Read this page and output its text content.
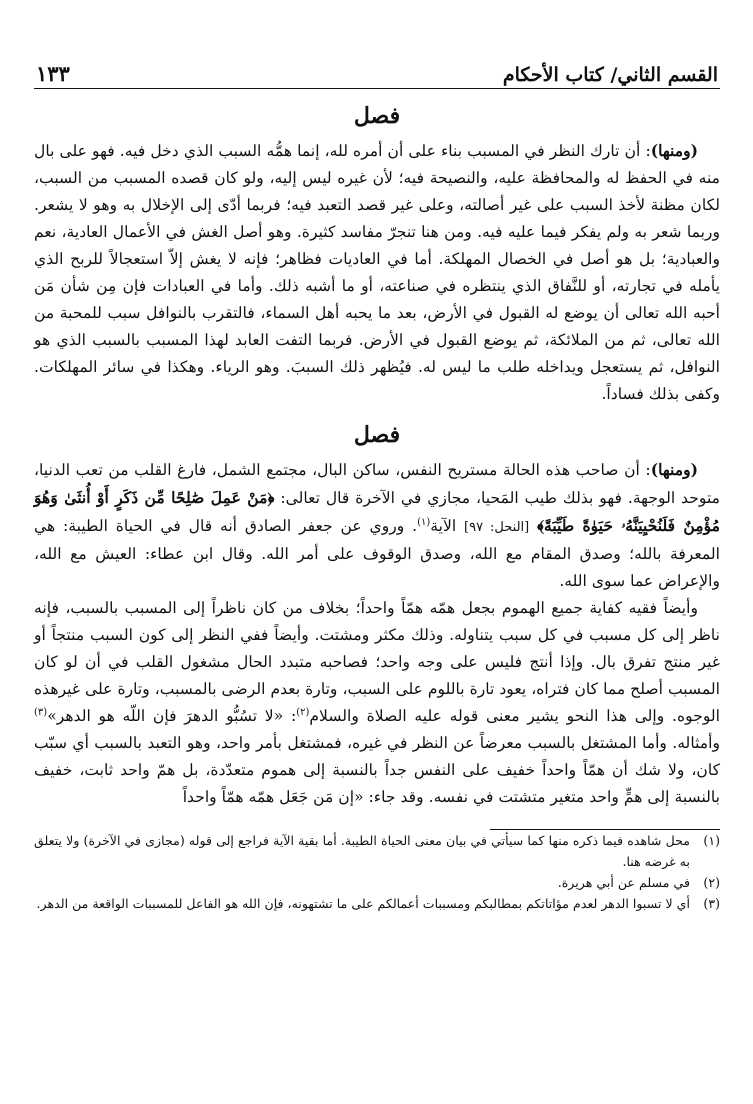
القسم الثاني/ كتاب الأحكام
١٣٣
فصل

(ومنها): أن تارك النظر في المسبب بناء على أن أمره لله، إنما همُّه السبب الذي دخل فيه. فهو على بال منه في الحفظ له والمحافظة عليه، والنصيحة فيه؛ لأن غيره ليس إليه، ولو كان قصده المسبب من السبب، لكان مظنة لأخذ السبب على غير أصالته، وعلى غير قصد التعبد فيه؛ فربما أدّى إلى الإخلال به وهو لا يشعر. وربما شعر به ولم يفكر فيما عليه فيه. ومن هنا تنجرّ مفاسد كثيرة. وهو أصل الغش في الأعمال العادية، نعم والعبادية؛ بل هو أصل في الخصال المهلكة. أما في العاديات فظاهر؛ فإنه لا يغش إلاّ استعجالاً للربح الذي يأمله في تجارته، أو للنَّفاق الذي ينتظره في صناعته، أو ما أشبه ذلك. وأما في العبادات فإن مِن شأن مَن أحبه الله تعالى أن يوضع له القبول في الأرض، بعد ما يحبه أهل السماء، فالتقرب بالنوافل سبب للمحبة من الله تعالى، ثم من الملائكة، ثم يوضع القبول في الأرض. فربما التفت العابد لهذا المسبب بالسبب الذي هو النوافل، ثم يستعجل ويداخله طلب ما ليس له. فيُظهر ذلك السببَ. وهو الرياء. وهكذا في سائر المهلكات. وكفى بذلك فساداً.

فصل

(ومنها): أن صاحب هذه الحالة مستريح النفس، ساكن البال، مجتمع الشمل، فارغ القلب من تعب الدنيا، متوحد الوجهة. فهو بذلك طيب المَحيا، مجازي في الآخرة قال تعالى: ﴿مَنْ عَمِلَ صَٰلِحًا مِّن ذَكَرٍ أَوْ أُنثَىٰ وَهُوَ مُؤْمِنٌ فَلَنُحْيِيَنَّهُۥ حَيَوٰةً طَيِّبَةً﴾ [النحل: ٩٧] الآية$^{(١)}$. وروي عن جعفر الصادق أنه قال في الحياة الطيبة: هي المعرفة بالله؛ وصدق المقام مع الله، وصدق الوقوف على أمر الله. وقال ابن عطاء: العيش مع الله، والإعراض عما سوى الله.

وأيضاً فقيه كفاية جميع الهموم بجعل همّه همّاً واحداً؛ بخلاف من كان ناظراً إلى المسبب بالسبب، فإنه ناظر إلى كل مسبب في كل سبب يتناوله. وذلك مكثر ومشتت. وأيضاً ففي النظر إلى كون السبب منتجاً أو غير منتج تفرق بال. وإذا أنتج فليس على وجه واحد؛ فصاحبه متبدد الحال مشغول القلب في أن لو كان المسبب أصلح مما كان فتراه، يعود تارة باللوم على السبب، وتارة بعدم الرضى بالمسبب، وتارة على غيرهذه الوجوه. وإلى هذا النحو يشير معنى قوله عليه الصلاة والسلام$^{(٢)}$: «لا تسُبُّو الدهرَ فإن اللّه هو الدهر»$^{(٣)}$ وأمثاله. وأما المشتغل بالسبب معرضاً عن النظر في غيره، فمشتغل بأمر واحد، وهو التعبد بالسبب أي سبّب كان، ولا شك أن همّاً واحداً خفيف على النفس جداً بالنسبة إلى هموم متعدّدة، بل همّ واحد ثابت، خفيف بالنسبة إلى همٍّ واحد متغير متشتت في نفسه. وقد جاء: «إن مَن جَعَل همّه همّاً واحداً

(١)
محل شاهده فيما ذكره منها كما سيأتي في بيان معنى الحياة الطيبة. أما بقية الآية فراجع إلى قوله (مجازى في الآخرة) ولا يتعلق به غرضه هنا.
(٢)
في مسلم عن أبي هريرة.
(٣)
أي لا تسبوا الدهر لعدم مؤاتاتكم بمطالبكم ومسببات أعمالكم على ما تشتهونه، فإن الله هو الفاعل للمسببات الواقعة من الدهر.
